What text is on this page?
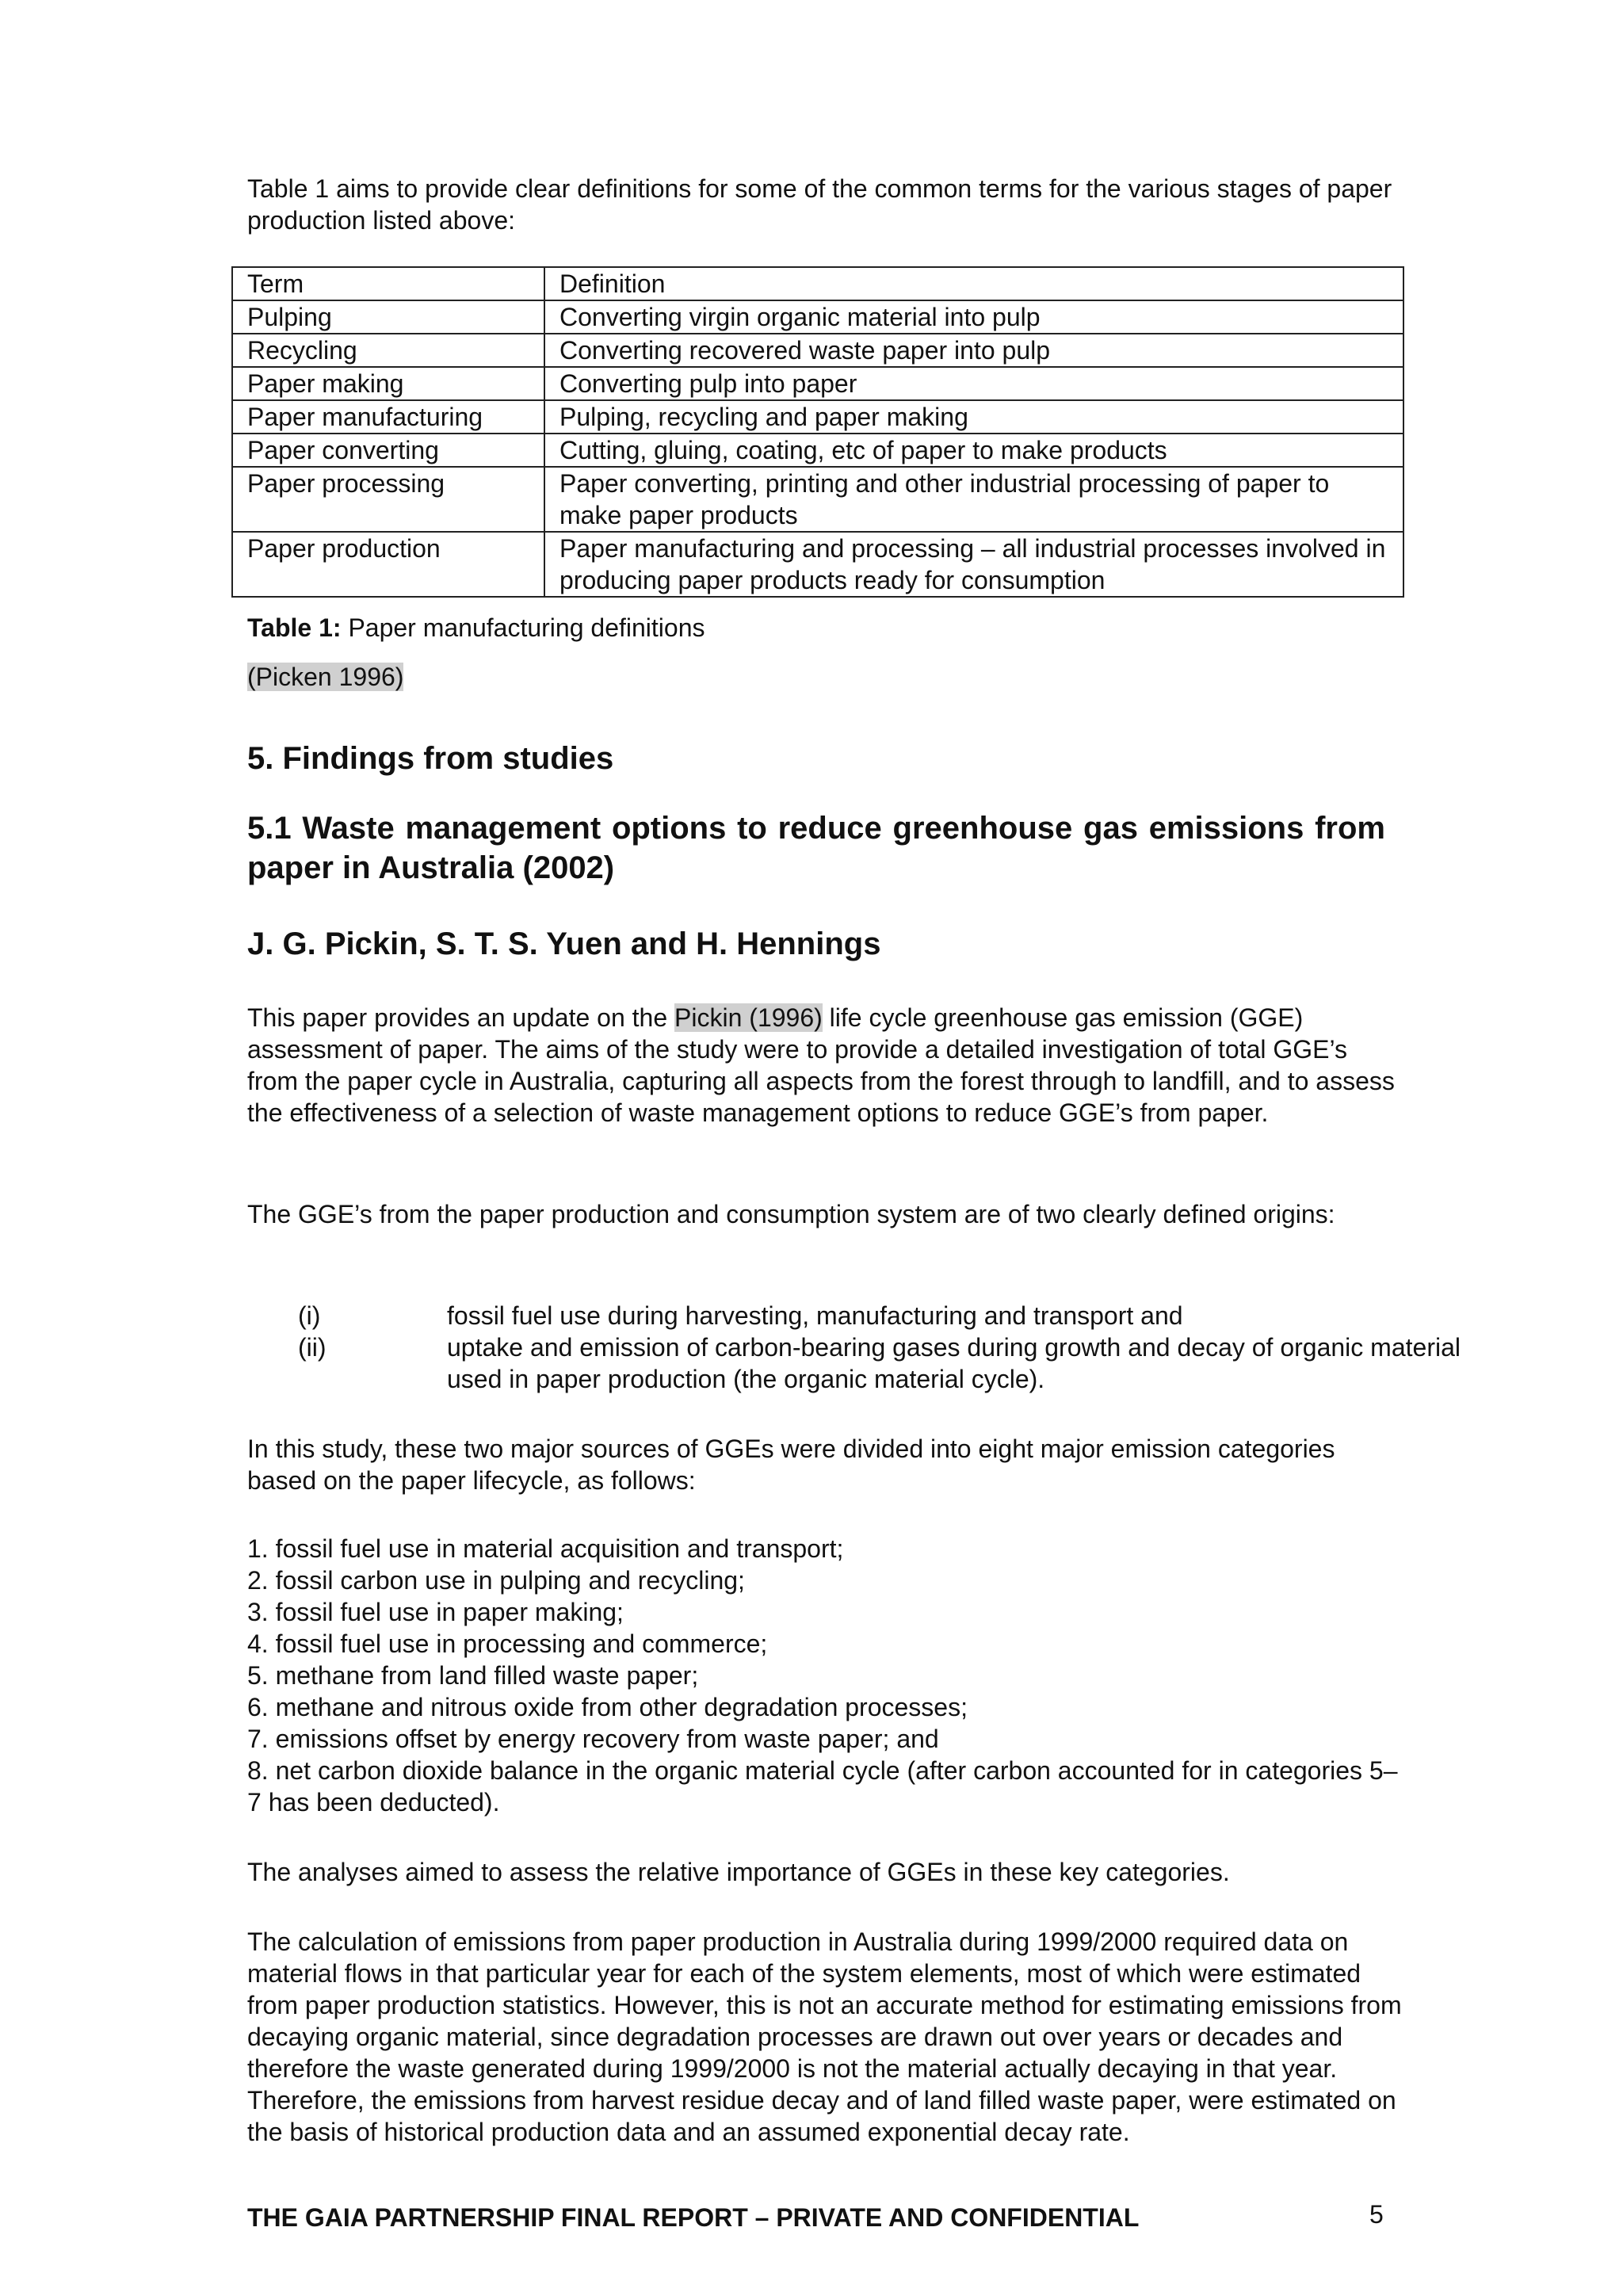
Table 1 aims to provide clear definitions for some of the common terms for the various stages of paper production listed above:

Term	Definition
Pulping	Converting virgin organic material into pulp
Recycling	Converting recovered waste paper into pulp
Paper making	Converting pulp into paper
Paper manufacturing	Pulping, recycling and paper making
Paper converting	Cutting, gluing, coating, etc of paper to make products
Paper processing	Paper converting, printing and other industrial processing of paper to make paper products
Paper production	Paper manufacturing and processing – all industrial processes involved in producing paper products ready for consumption
Table 1: Paper manufacturing definitions
(Picken 1996)
5. Findings from studies
5.1 Waste management options to reduce greenhouse gas emissions from paper in Australia (2002)
J. G. Pickin, S. T. S. Yuen and H. Hennings
This paper provides an update on the Pickin (1996) life cycle greenhouse gas emission (GGE) assessment of paper. The aims of the study were to provide a detailed investigation of total GGE’s from the paper cycle in Australia, capturing all aspects from the forest through to landfill, and to assess the effectiveness of a selection of waste management options to reduce GGE’s from paper.
The GGE’s from the paper production and consumption system are of two clearly defined origins:
(i)	fossil fuel use during harvesting, manufacturing and transport and
(ii)	uptake and emission of carbon-bearing gases during growth and decay of organic material used in paper production (the organic material cycle).
In this study, these two major sources of GGEs were divided into eight major emission categories based on the paper lifecycle, as follows:
1. fossil fuel use in material acquisition and transport;
2. fossil carbon use in pulping and recycling;
3. fossil fuel use in paper making;
4. fossil fuel use in processing and commerce;
5. methane from land filled waste paper;
6. methane and nitrous oxide from other degradation processes;
7. emissions offset by energy recovery from waste paper; and
8. net carbon dioxide balance in the organic material cycle (after carbon accounted for in categories 5–7 has been deducted).
The analyses aimed to assess the relative importance of GGEs in these key categories.
The calculation of emissions from paper production in Australia during 1999/2000 required data on material flows in that particular year for each of the system elements, most of which were estimated from paper production statistics. However, this is not an accurate method for estimating emissions from decaying organic material, since degradation processes are drawn out over years or decades and therefore the waste generated during 1999/2000 is not the material actually decaying in that year. Therefore, the emissions from harvest residue decay and of land filled waste paper, were estimated on the basis of historical production data and an assumed exponential decay rate.
THE GAIA PARTNERSHIP FINAL REPORT – PRIVATE AND CONFIDENTIAL	5
